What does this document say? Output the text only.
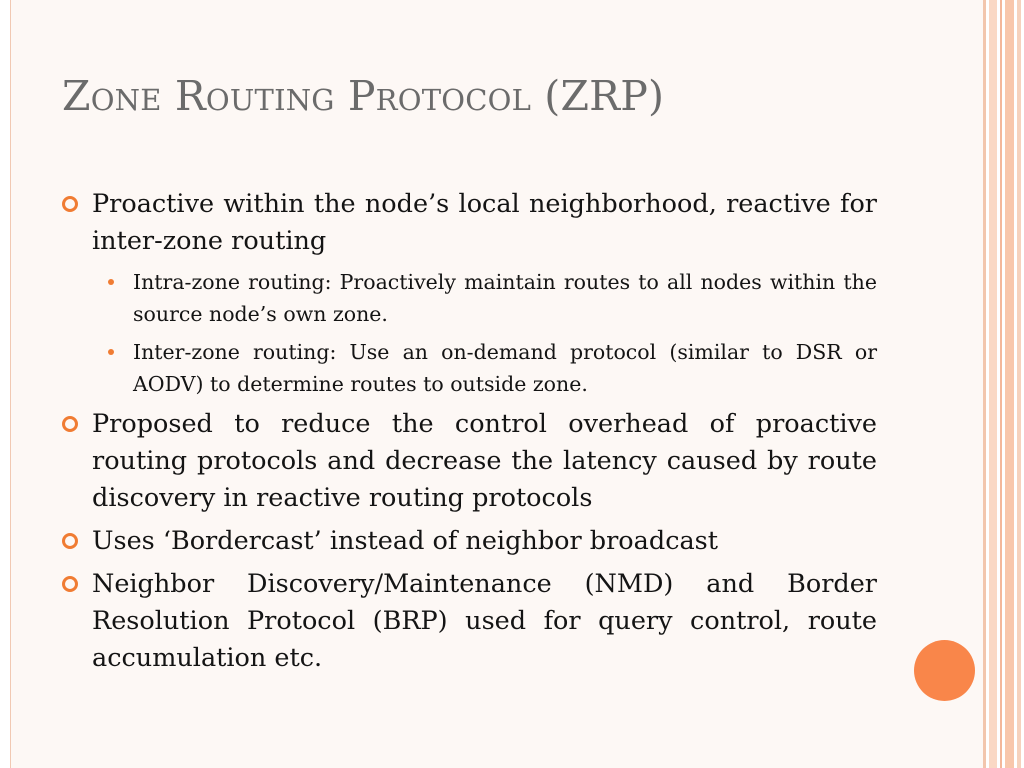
Zone Routing Protocol (ZRP)
Proactive within the node’s local neighborhood, reactive for inter-zone routing
Intra-zone routing: Proactively maintain routes to all nodes within the source node’s own zone.
Inter-zone routing: Use an on-demand protocol (similar to DSR or AODV) to determine routes to outside zone.
Proposed to reduce the control overhead of proactive routing protocols and decrease the latency caused by route discovery in reactive routing protocols
Uses ‘Bordercast’ instead of neighbor broadcast
Neighbor Discovery/Maintenance (NMD) and Border Resolution Protocol (BRP) used for query control, route accumulation etc.
